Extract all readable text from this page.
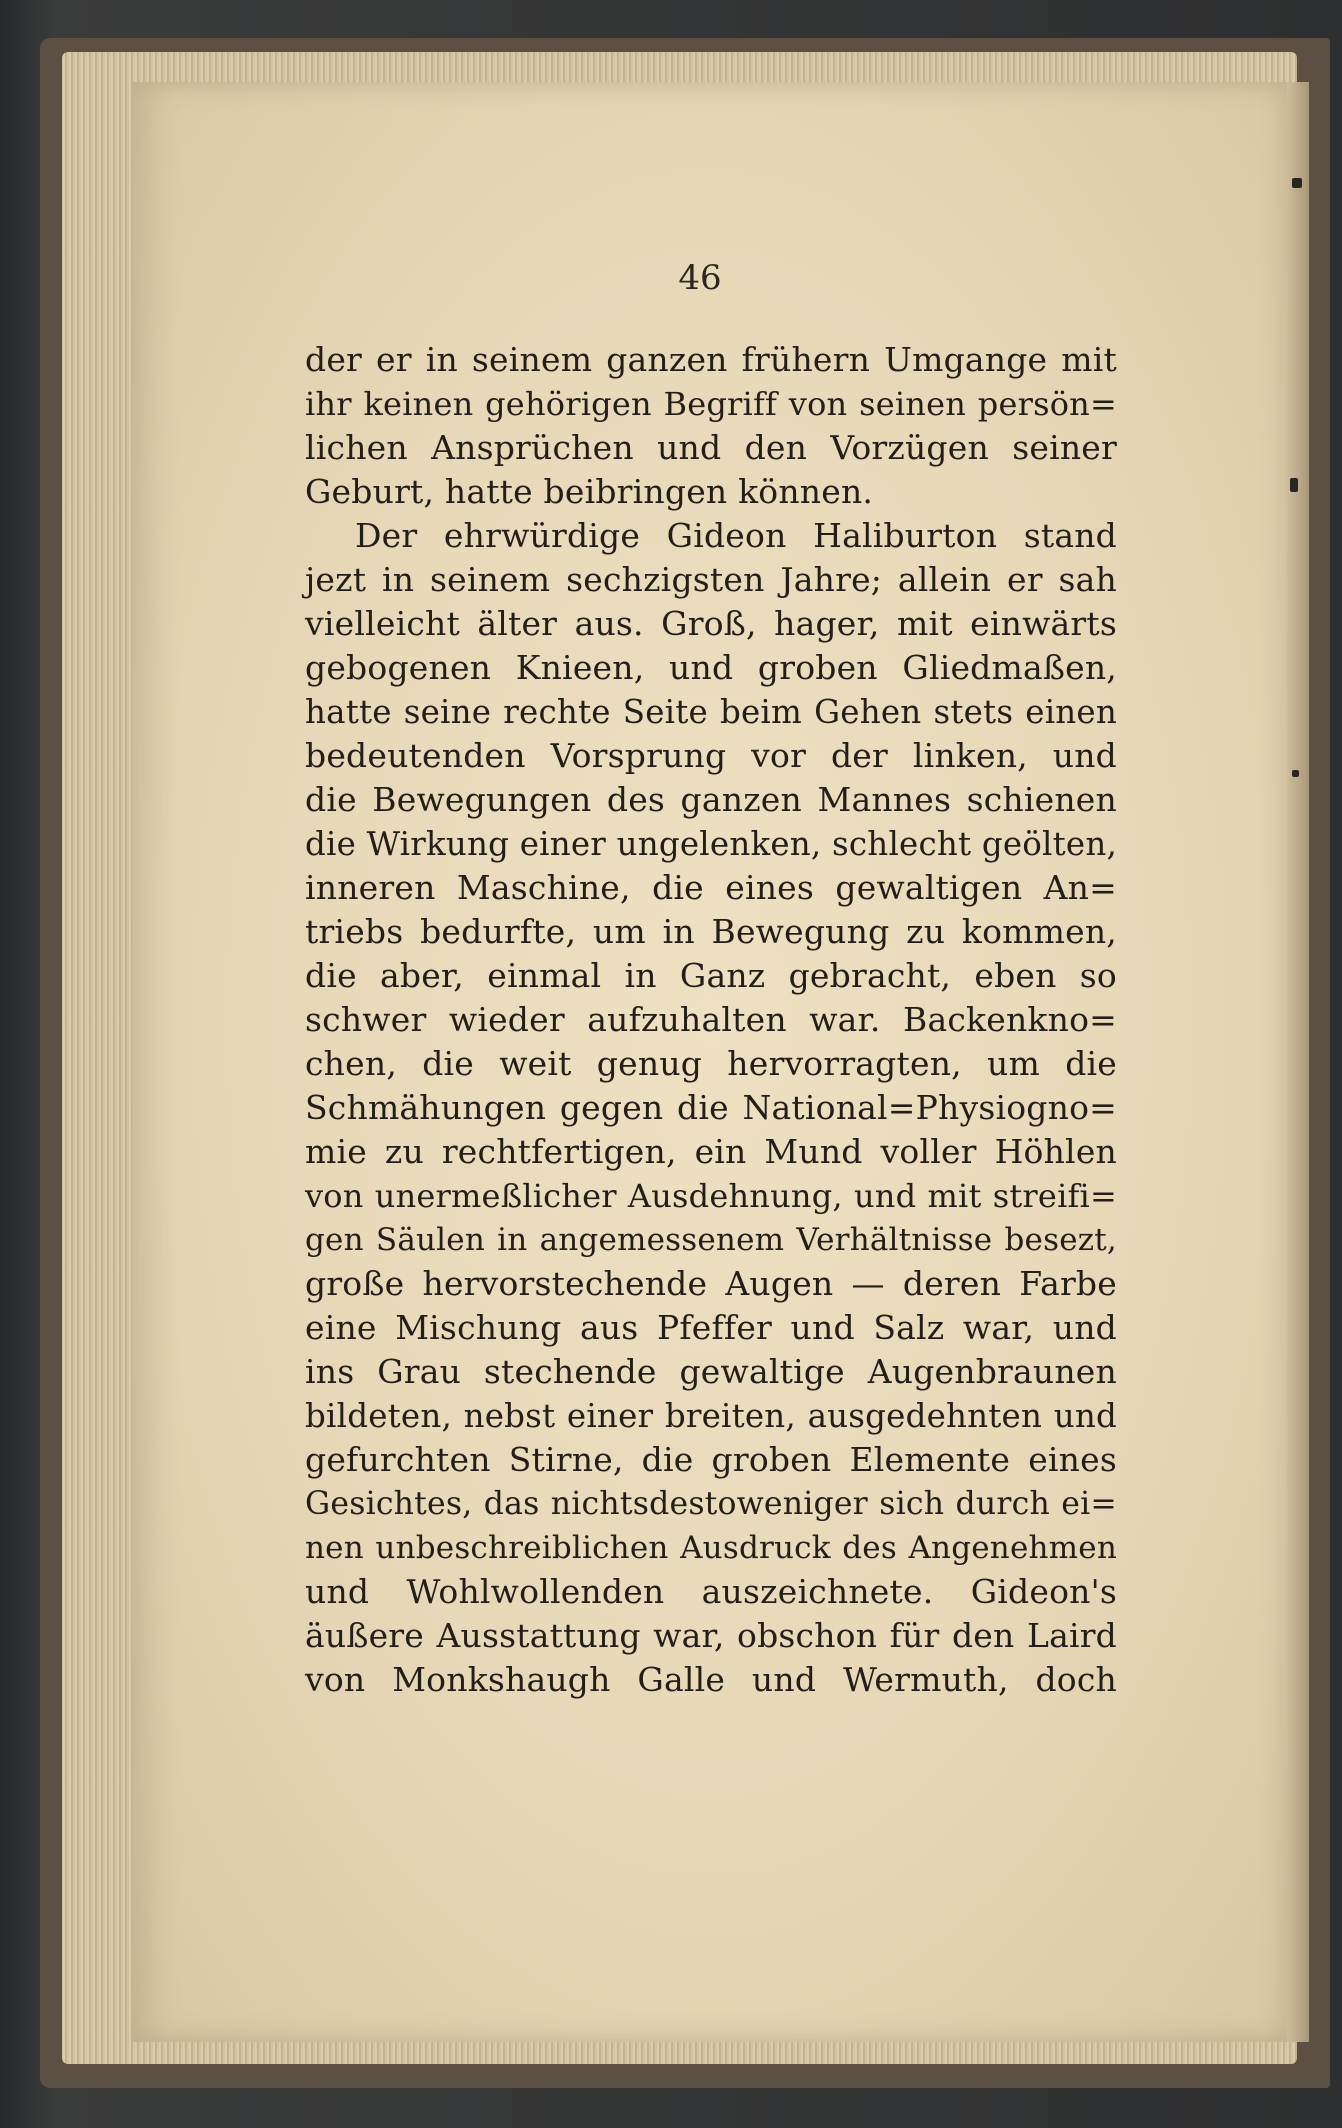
46
der er in seinem ganzen frühern Umgange mit
ihr keinen gehörigen Begriff von seinen persön=
lichen Ansprüchen und den Vorzügen seiner
Geburt, hatte beibringen können.
Der ehrwürdige Gideon Haliburton stand
jezt in seinem sechzigsten Jahre; allein er sah
vielleicht älter aus. Groß, hager, mit einwärts
gebogenen Knieen, und groben Gliedmaßen,
hatte seine rechte Seite beim Gehen stets einen
bedeutenden Vorsprung vor der linken, und
die Bewegungen des ganzen Mannes schienen
die Wirkung einer ungelenken, schlecht geölten,
inneren Maschine, die eines gewaltigen An=
triebs bedurfte, um in Bewegung zu kommen,
die aber, einmal in Ganz gebracht, eben so
schwer wieder aufzuhalten war. Backenkno=
chen, die weit genug hervorragten, um die
Schmähungen gegen die National=Physiogno=
mie zu rechtfertigen, ein Mund voller Höhlen
von unermeßlicher Ausdehnung, und mit streifi=
gen Säulen in angemessenem Verhältnisse besezt,
große hervorstechende Augen — deren Farbe
eine Mischung aus Pfeffer und Salz war, und
ins Grau stechende gewaltige Augenbraunen
bildeten, nebst einer breiten, ausgedehnten und
gefurchten Stirne, die groben Elemente eines
Gesichtes, das nichtsdestoweniger sich durch ei=
nen unbeschreiblichen Ausdruck des Angenehmen
und Wohlwollenden auszeichnete. Gideon's
äußere Ausstattung war, obschon für den Laird
von Monkshaugh Galle und Wermuth, doch
